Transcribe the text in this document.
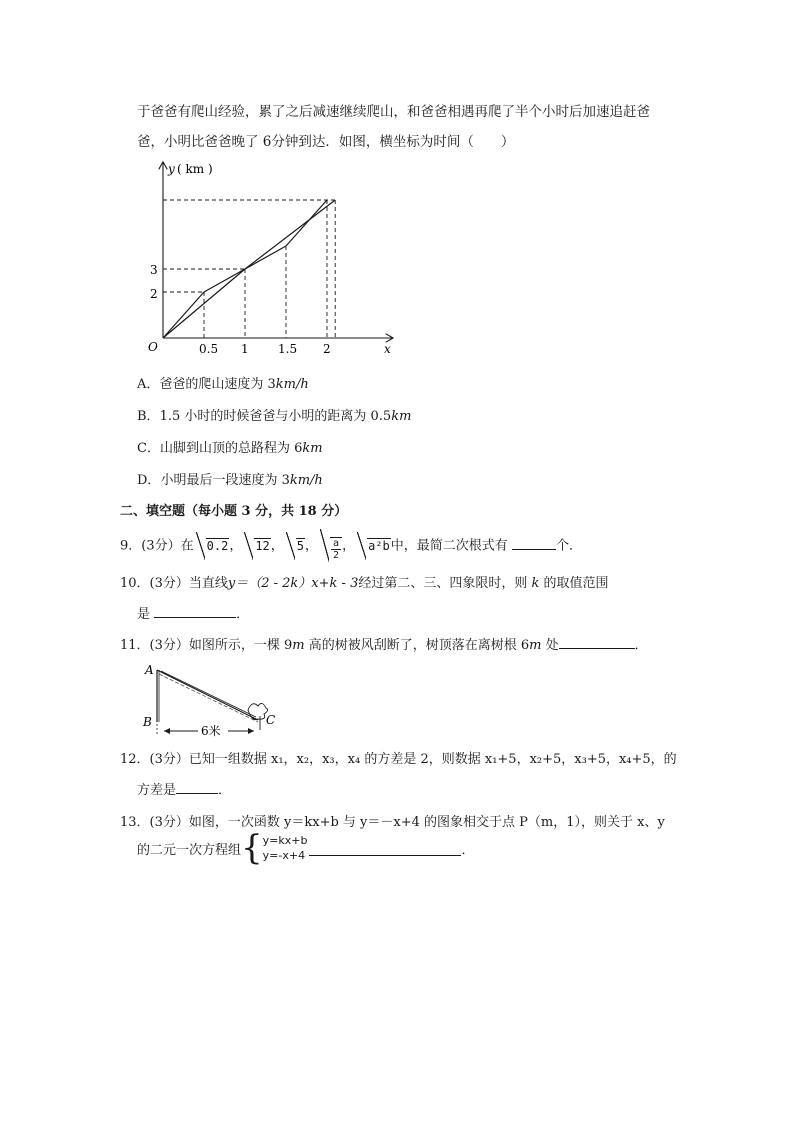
于爸爸有爬山经验，累了之后减速继续爬山，和爸爸相遇再爬了半个小时后加速追赶爸
爸，小明比爸爸晚了 6分钟到达．如图，横坐标为时间（　　）
y ( km )
x
O	0.5 1 1.5 2
2
3
A．爸爸的爬山速度为 3km/h
B．1.5 小时的时候爸爸与小明的距离为 0.5km
C．山脚到山顶的总路程为 6km
D．小明最后一段速度为 3km/h
二、填空题（每小题 3 分，共 18 分）
9．(3分）在 0.2， 12， 5， $\frac{a}{2}$ ， a²b中，最简二次根式有	个．
10．(3分）当直线y＝（2 - 2k）x+k - 3经过第二、三、四象限时，则 k 的取值范围
是	．
11．(3分）如图所示，一棵 9m 高的树被风刮断了，树顶落在离树根 6m 处	．
6米
A
B	C
12．(3分）已知一组数据 x₁，x₂，x₃，x₄ 的方差是 2，则数据 x₁+5，x₂+5，x₃+5，x₄+5，的
方差是	．
13．(3分）如图，一次函数 y＝kx+b 与 y＝－x+4 的图象相交于点 P（m，1），则关于 x、y
的二元一次方程组 { y=kx+b
y=-x+4	．
